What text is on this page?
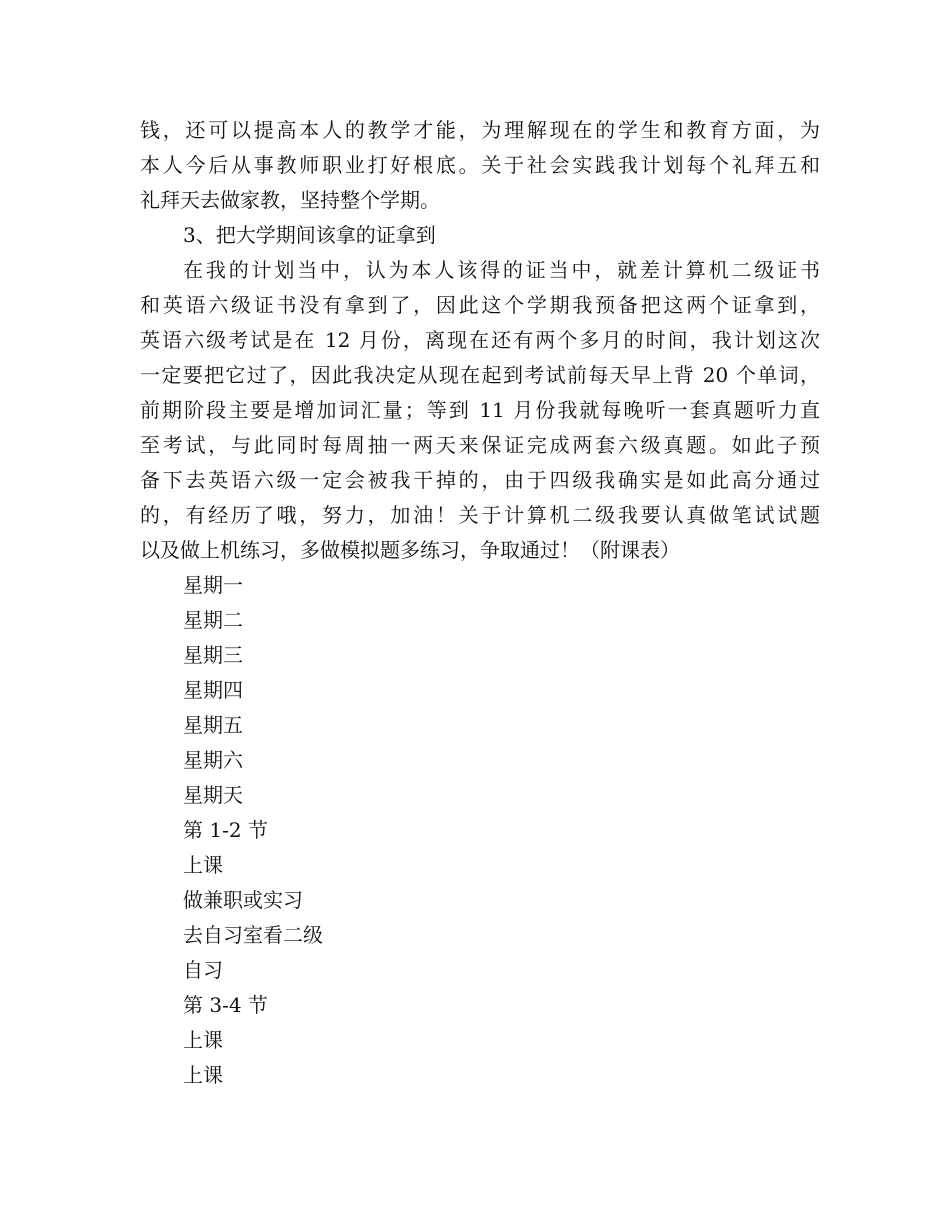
钱，还可以提高本人的教学才能，为理解现在的学生和教育方面，为
本人今后从事教师职业打好根底。关于社会实践我计划每个礼拜五和
礼拜天去做家教，坚持整个学期。
3、把大学期间该拿的证拿到
在我的计划当中，认为本人该得的证当中，就差计算机二级证书
和英语六级证书没有拿到了，因此这个学期我预备把这两个证拿到，
英语六级考试是在 12 月份，离现在还有两个多月的时间，我计划这次
一定要把它过了，因此我决定从现在起到考试前每天早上背 20 个单词，
前期阶段主要是增加词汇量；等到 11 月份我就每晚听一套真题听力直
至考试，与此同时每周抽一两天来保证完成两套六级真题。如此子预
备下去英语六级一定会被我干掉的，由于四级我确实是如此高分通过
的，有经历了哦，努力，加油！关于计算机二级我要认真做笔试试题
以及做上机练习，多做模拟题多练习，争取通过！（附课表）
星期一
星期二
星期三
星期四
星期五
星期六
星期天
第 1-2 节
上课
做兼职或实习
去自习室看二级
自习
第 3-4 节
上课
上课
